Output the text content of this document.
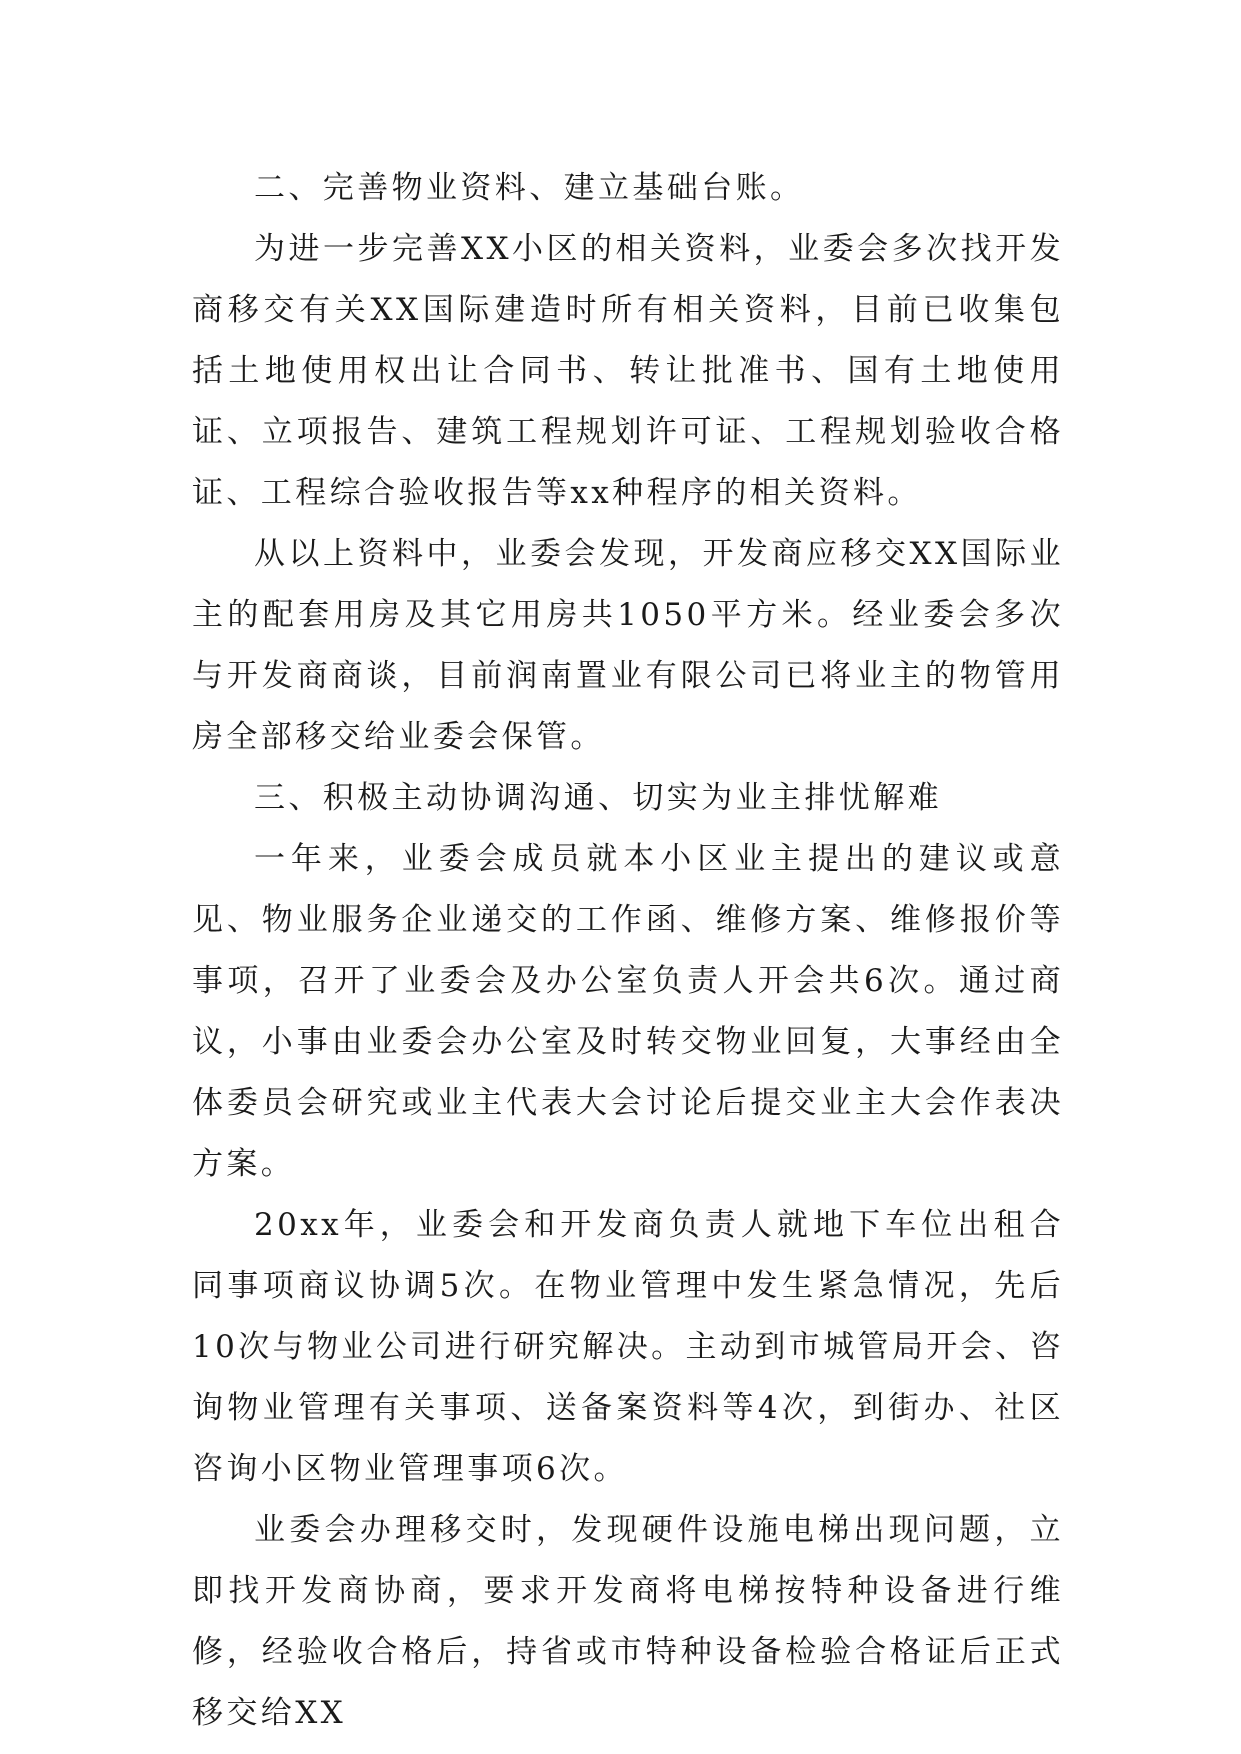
二、完善物业资料、建立基础台账。

为进一步完善XX小区的相关资料，业委会多次找开发商移交有关XX国际建造时所有相关资料，目前已收集包括土地使用权出让合同书、转让批准书、国有土地使用证、立项报告、建筑工程规划许可证、工程规划验收合格证、工程综合验收报告等xx种程序的相关资料。

从以上资料中，业委会发现，开发商应移交XX国际业主的配套用房及其它用房共1050平方米。经业委会多次与开发商商谈，目前润南置业有限公司已将业主的物管用房全部移交给业委会保管。

三、积极主动协调沟通、切实为业主排忧解难

一年来，业委会成员就本小区业主提出的建议或意见、物业服务企业递交的工作函、维修方案、维修报价等事项，召开了业委会及办公室负责人开会共6次。通过商议，小事由业委会办公室及时转交物业回复，大事经由全体委员会研究或业主代表大会讨论后提交业主大会作表决方案。

20xx年，业委会和开发商负责人就地下车位出租合同事项商议协调5次。在物业管理中发生紧急情况，先后10次与物业公司进行研究解决。主动到市城管局开会、咨询物业管理有关事项、送备案资料等4次，到街办、社区咨询小区物业管理事项6次。

业委会办理移交时，发现硬件设施电梯出现问题，立即找开发商协商，要求开发商将电梯按特种设备进行维修，经验收合格后，持省或市特种设备检验合格证后正式移交给XX
